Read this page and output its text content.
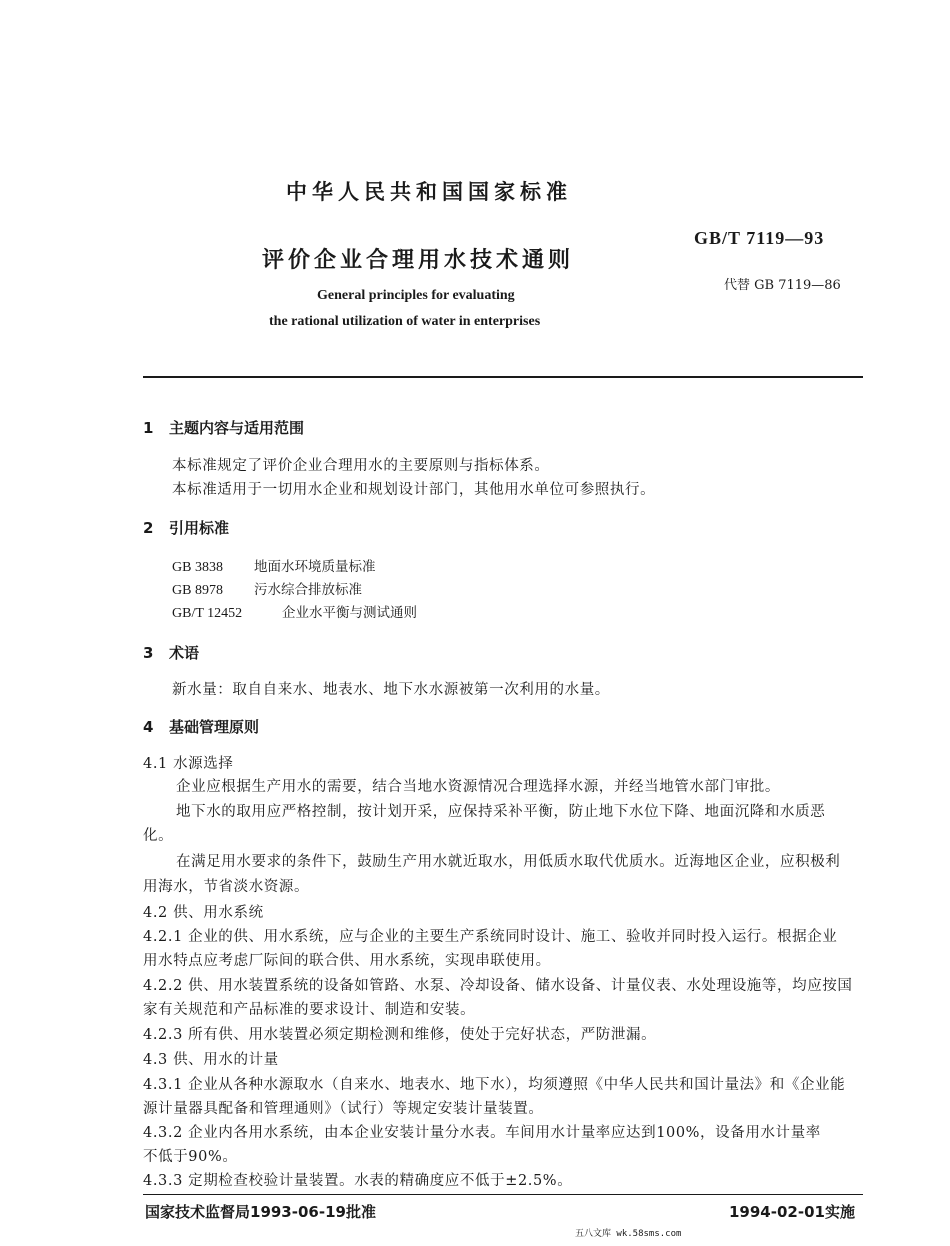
中华人民共和国国家标准
GB/T 7119—93
评价企业合理用水技术通则
代替 GB 7119—86
General principles for evaluating
the rational utilization of water in enterprises
1 主题内容与适用范围
本标准规定了评价企业合理用水的主要原则与指标体系。
本标准适用于一切用水企业和规划设计部门，其他用水单位可参照执行。
2 引用标准
GB 3838 地面水环境质量标准
GB 8978 污水综合排放标准
GB/T 12452	企业水平衡与测试通则
3 术语
新水量：取自自来水、地表水、地下水水源被第一次利用的水量。
4 基础管理原则
4.1 水源选择
企业应根据生产用水的需要，结合当地水资源情况合理选择水源，并经当地管水部门审批。
地下水的取用应严格控制，按计划开采，应保持采补平衡，防止地下水位下降、地面沉降和水质恶
化。
在满足用水要求的条件下，鼓励生产用水就近取水，用低质水取代优质水。近海地区企业，应积极利
用海水，节省淡水资源。
4.2 供、用水系统
4.2.1 企业的供、用水系统，应与企业的主要生产系统同时设计、施工、验收并同时投入运行。根据企业
用水特点应考虑厂际间的联合供、用水系统，实现串联使用。
4.2.2 供、用水装置系统的设备如管路、水泵、冷却设备、储水设备、计量仪表、水处理设施等，均应按国
家有关规范和产品标准的要求设计、制造和安装。
4.2.3 所有供、用水装置必须定期检测和维修，使处于完好状态，严防泄漏。
4.3 供、用水的计量
4.3.1 企业从各种水源取水（自来水、地表水、地下水），均须遵照《中华人民共和国计量法》和《企业能
源计量器具配备和管理通则》（试行）等规定安装计量装置。
4.3.2 企业内各用水系统，由本企业安装计量分水表。车间用水计量率应达到100%，设备用水计量率
不低于90%。
4.3.3 定期检查校验计量装置。水表的精确度应不低于±2.5%。
国家技术监督局1993-06-19批准	1994-02-01实施
五八文库 wk.58sms.com
